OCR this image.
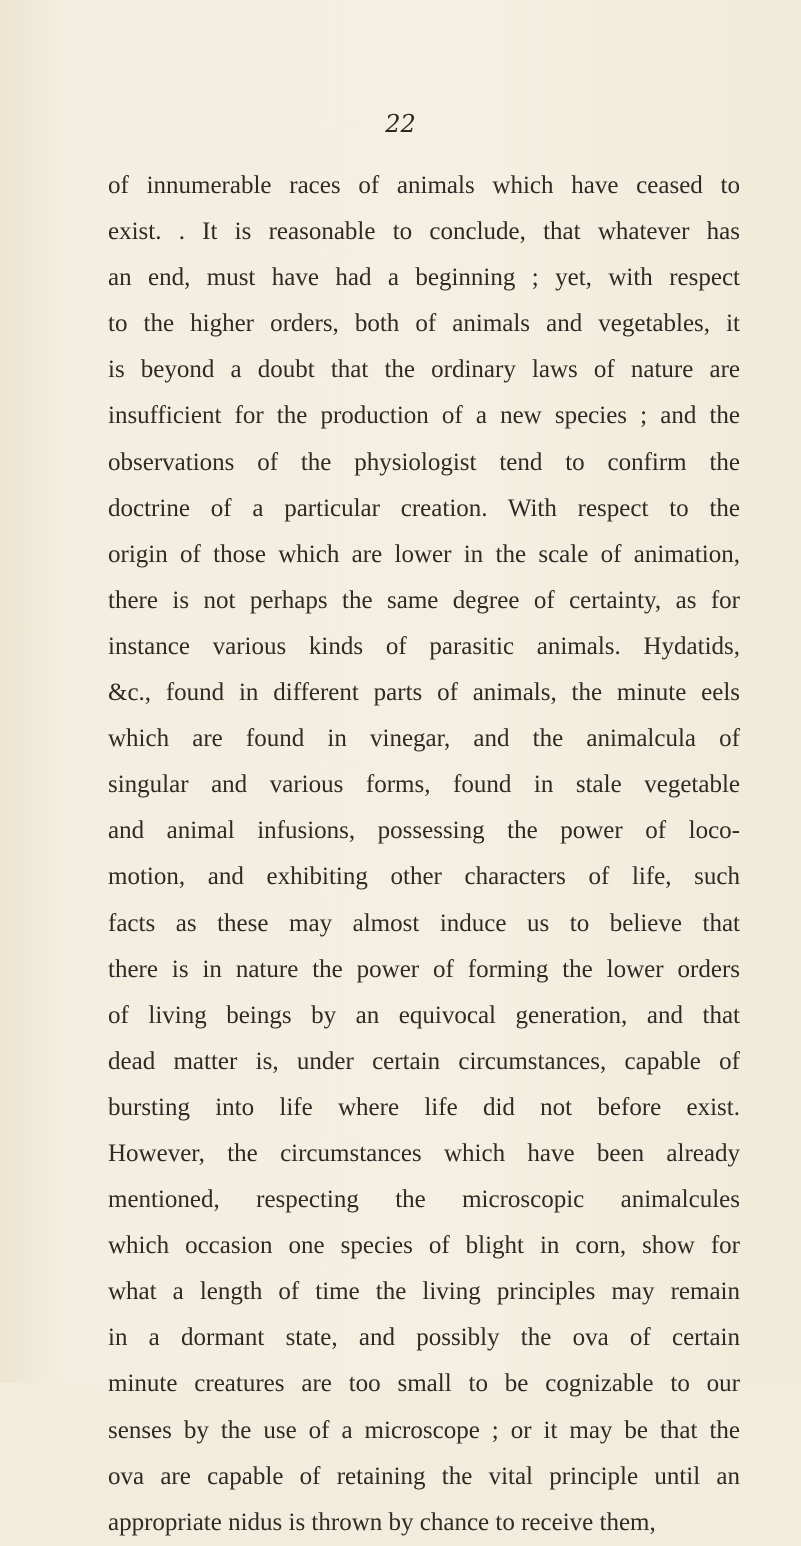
22
of innumerable races of animals which have ceased to
exist. . It is reasonable to conclude, that whatever has
an end, must have had a beginning ; yet, with respect
to the higher orders, both of animals and vegetables, it
is beyond a doubt that the ordinary laws of nature are
insufficient for the production of a new species ; and the
observations of the physiologist tend to confirm the
doctrine of a particular creation. With respect to the
origin of those which are lower in the scale of animation,
there is not perhaps the same degree of certainty, as for
instance various kinds of parasitic animals. Hydatids,
&c., found in different parts of animals, the minute eels
which are found in vinegar, and the animalcula of
singular and various forms, found in stale vegetable
and animal infusions, possessing the power of loco-
motion, and exhibiting other characters of life, such
facts as these may almost induce us to believe that
there is in nature the power of forming the lower orders
of living beings by an equivocal generation, and that
dead matter is, under certain circumstances, capable of
bursting into life where life did not before exist.
However, the circumstances which have been already
mentioned, respecting the microscopic animalcules
which occasion one species of blight in corn, show for
what a length of time the living principles may remain
in a dormant state, and possibly the ova of certain
minute creatures are too small to be cognizable to our
senses by the use of a microscope ; or it may be that the
ova are capable of retaining the vital principle until an
appropriate nidus is thrown by chance to receive them,
